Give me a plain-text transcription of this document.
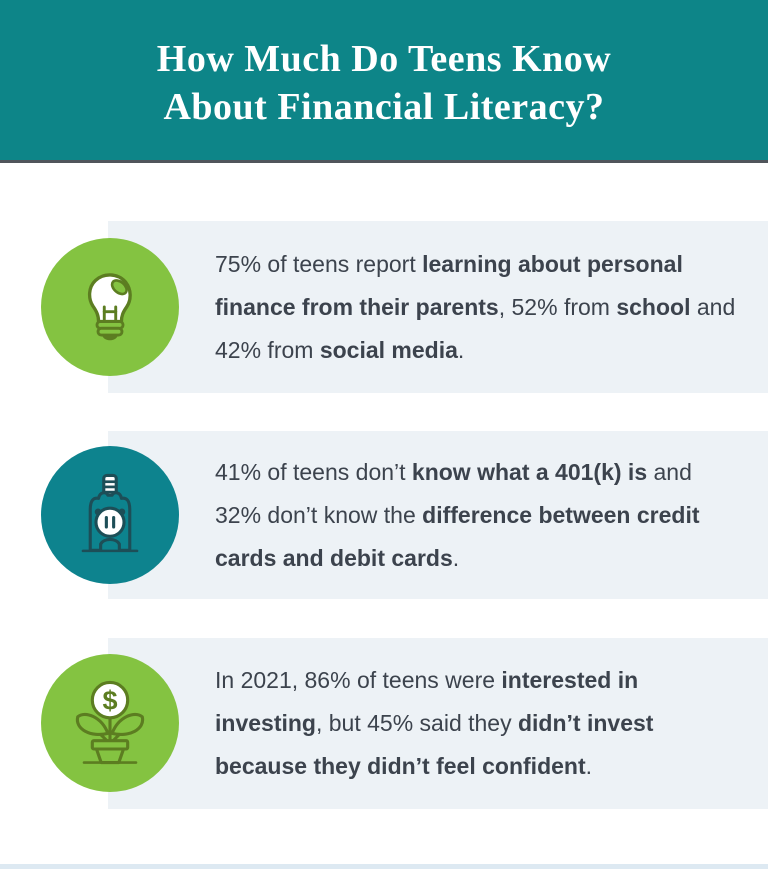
How Much Do Teens Know
About Financial Literacy?

75% of teens report learning about personal finance from their parents, 52% from school and 42% from social media.

41% of teens don’t know what a 401(k) is and 32% don’t know the difference between credit cards and debit cards.

In 2021, 86% of teens were interested in investing, but 45% said they didn’t invest because they didn’t feel confident.

$
